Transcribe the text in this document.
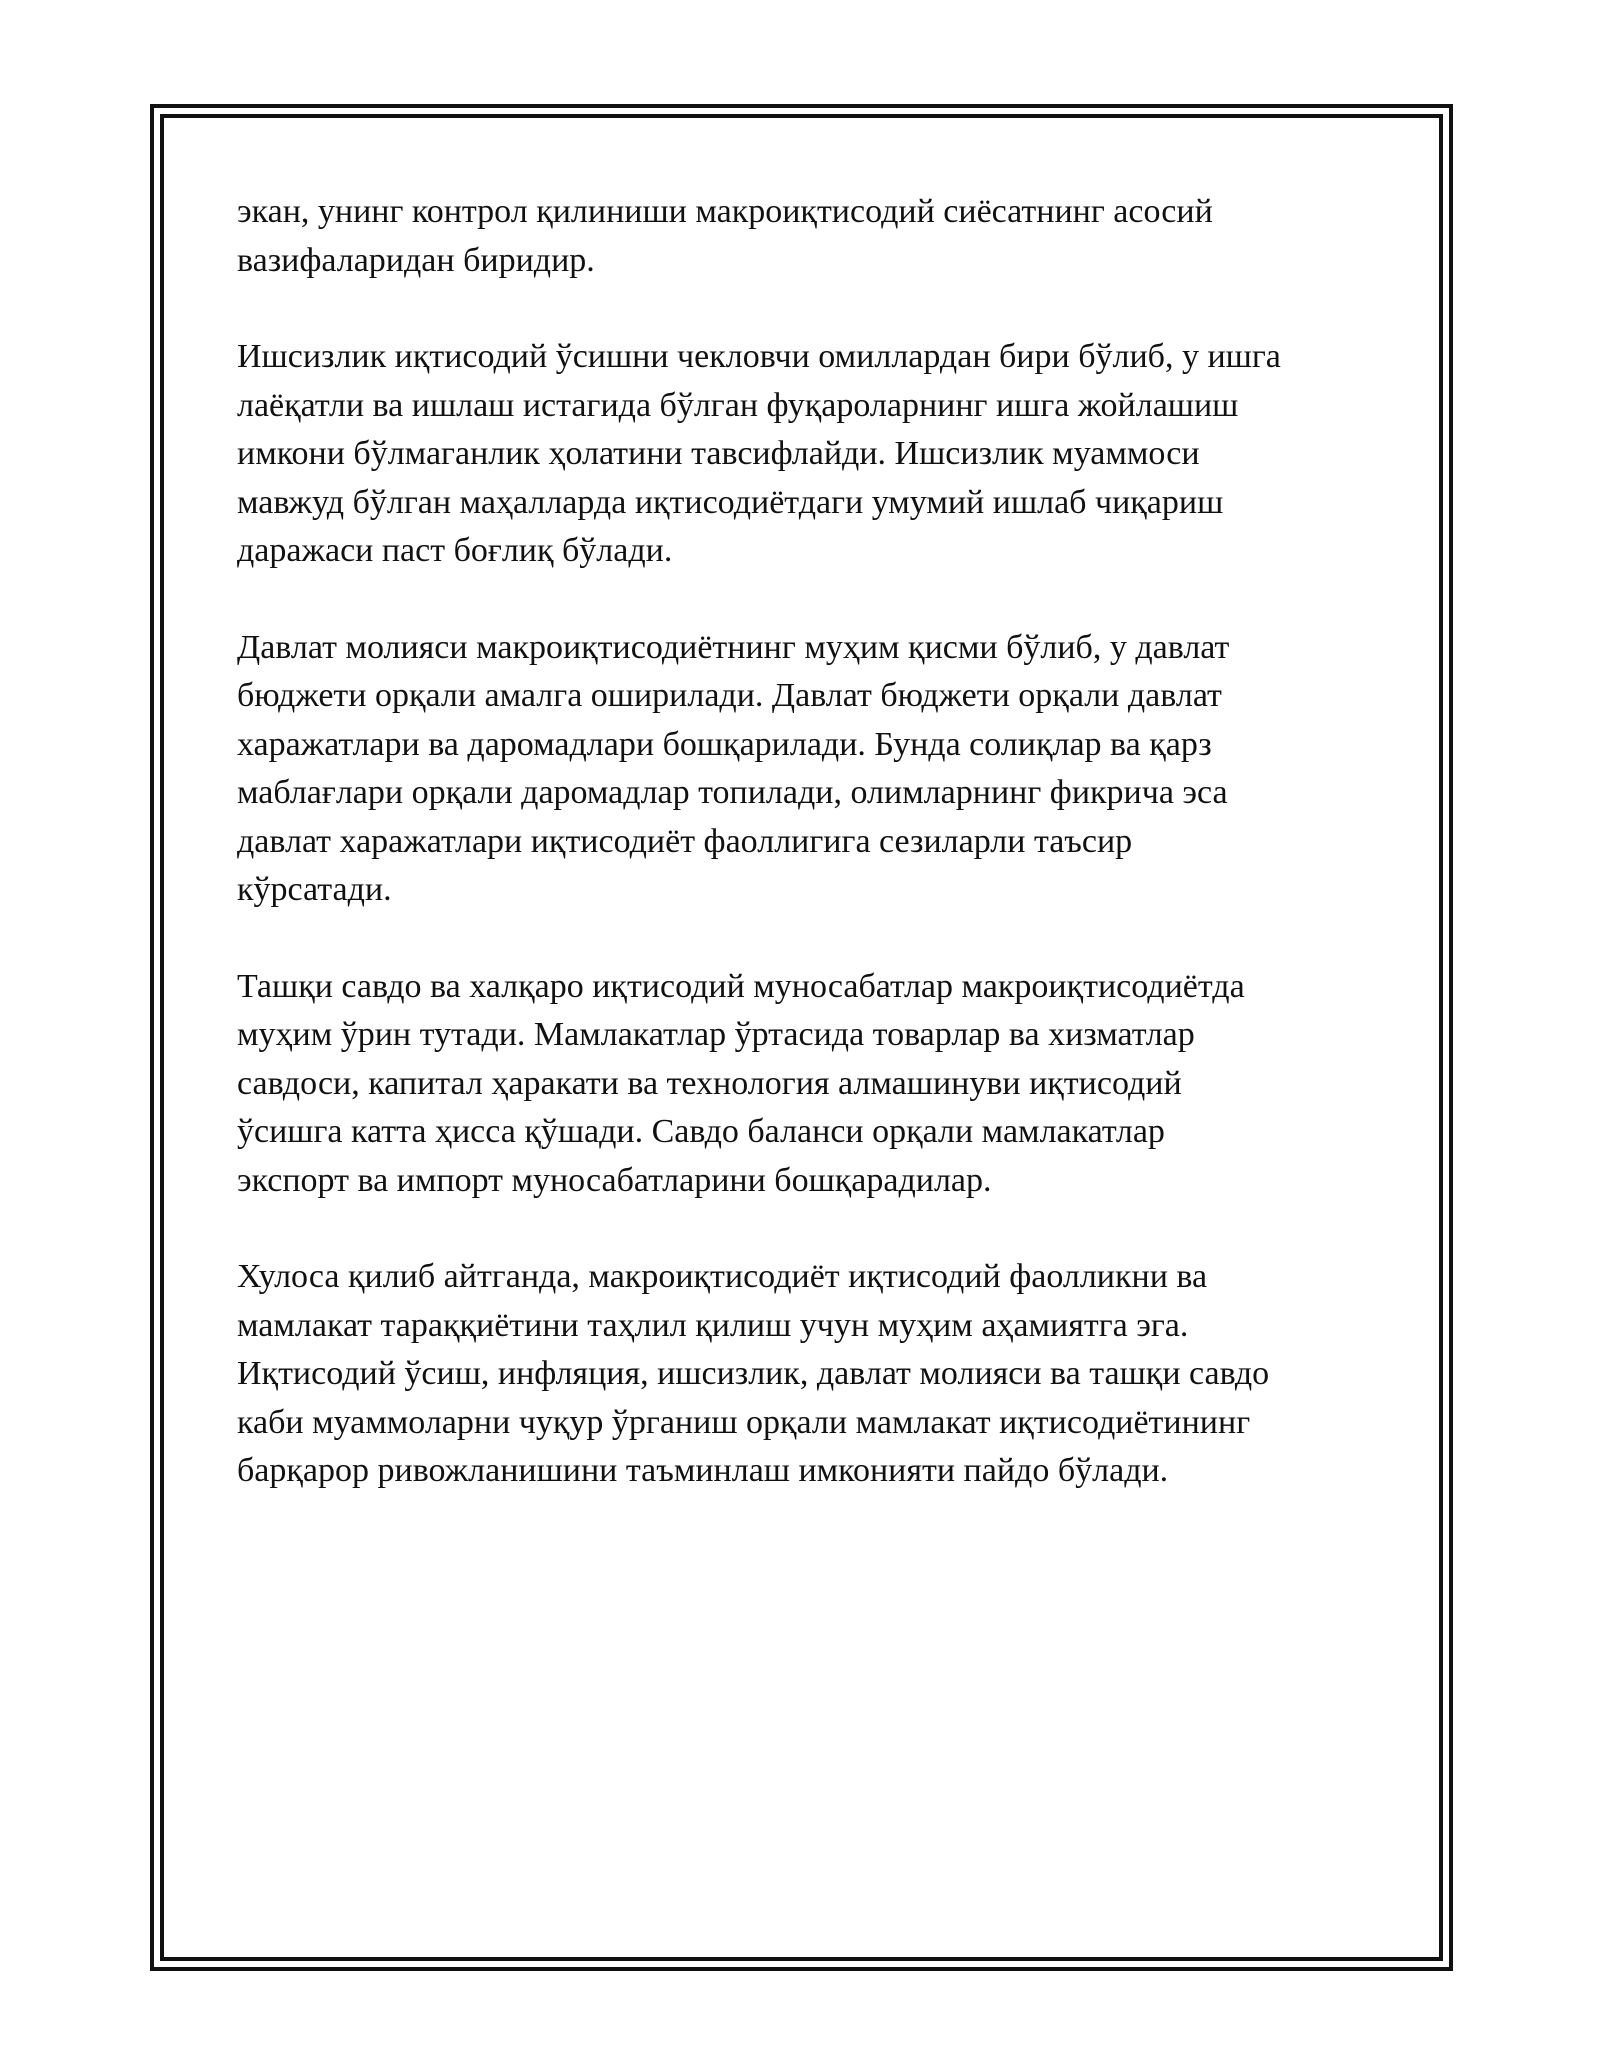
экан, унинг контрол қилиниши макроиқтисодий сиёсатнинг асосий
вазифаларидан биридир.

Ишсизлик иқтисодий ўсишни чекловчи омиллардан бири бўлиб, у ишга
лаёқатли ва ишлаш истагида бўлган фуқароларнинг ишга жойлашиш
имкони бўлмаганлик ҳолатини тавсифлайди. Ишсизлик муаммоси
мавжуд бўлган маҳалларда иқтисодиётдаги умумий ишлаб чиқариш
даражаси паст боғлиқ бўлади.

Давлат молияси макроиқтисодиётнинг муҳим қисми бўлиб, у давлат
бюджети орқали амалга оширилади. Давлат бюджети орқали давлат
харажатлари ва даромадлари бошқарилади. Бунда солиқлар ва қарз
маблағлари орқали даромадлар топилади, олимларнинг фикрича эса
давлат харажатлари иқтисодиёт фаоллигига сезиларли таъсир
кўрсатади.

Ташқи савдо ва халқаро иқтисодий муносабатлар макроиқтисодиётда
муҳим ўрин тутади. Мамлакатлар ўртасида товарлар ва хизматлар
савдоси, капитал ҳаракати ва технология алмашинуви иқтисодий
ўсишга катта ҳисса қўшади. Савдо баланси орқали мамлакатлар
экспорт ва импорт муносабатларини бошқарадилар.

Хулоса қилиб айтганда, макроиқтисодиёт иқтисодий фаолликни ва
мамлакат тараққиётини таҳлил қилиш учун муҳим аҳамиятга эга.
Иқтисодий ўсиш, инфляция, ишсизлик, давлат молияси ва ташқи савдо
каби муаммоларни чуқур ўрганиш орқали мамлакат иқтисодиётининг
барқарор ривожланишини таъминлаш имконияти пайдо бўлади.
